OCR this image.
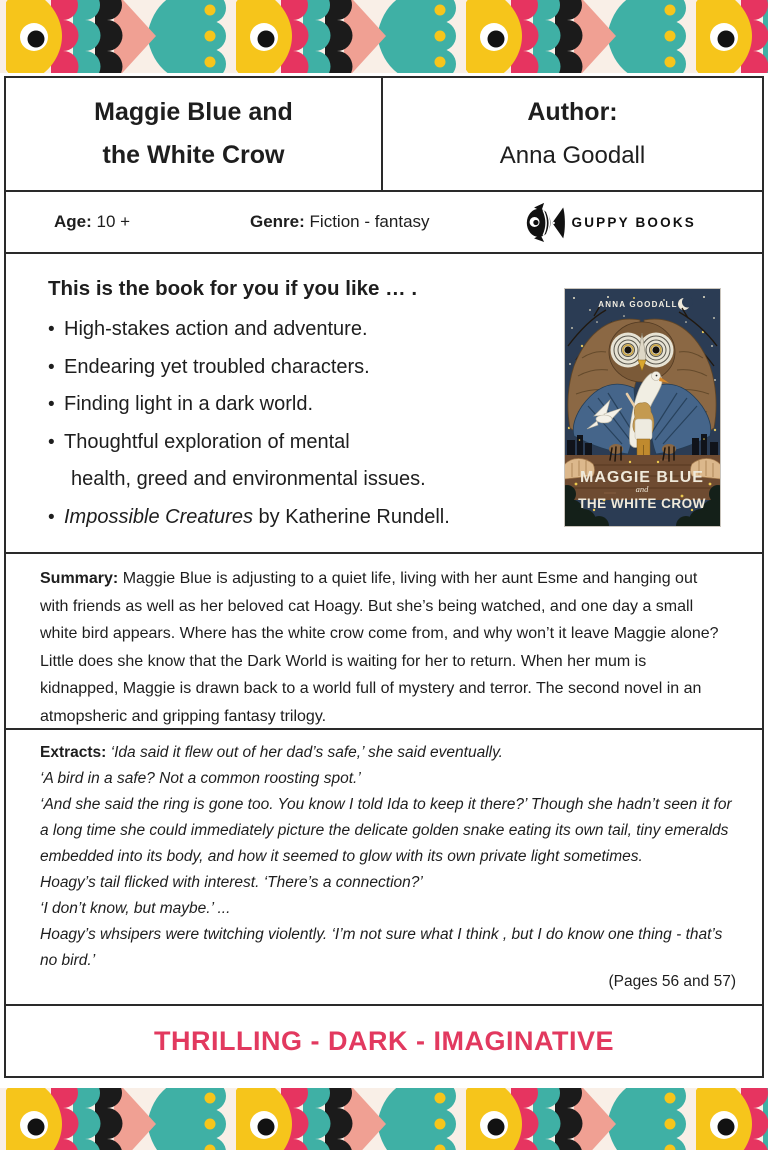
Maggie Blue and
the White Crow
Author:
Anna Goodall
Age: 10 +	Genre: Fiction - fantasy	GUPPY BOOKS
This is the book for you if you like … .
• High-stakes action and adventure.
• Endearing yet troubled characters.
• Finding light in a dark world.
• Thoughtful exploration of mental
health, greed and environmental issues.
• Impossible Creatures by Katherine Rundell.
ANNA GOODALL
MAGGIE BLUE
and
THE WHITE CROW

Summary: Maggie Blue is adjusting to a quiet life, living with her aunt Esme and hanging out with friends as well as her beloved cat Hoagy. But she’s being watched, and one day a small white bird appears. Where has the white crow come from, and why won’t it leave Maggie alone? Little does she know that the Dark World is waiting for her to return. When her mum is kidnapped, Maggie is drawn back to a world full of mystery and terror. The second novel in an atmopsheric and gripping fantasy trilogy.

Extracts: ‘Ida said it flew out of her dad’s safe,’ she said eventually.

‘A bird in a safe? Not a common roosting spot.’

‘And she said the ring is gone too. You know I told Ida to keep it there?’ Though she hadn’t seen it for a long time she could immediately picture the delicate golden snake eating its own tail, tiny emeralds embedded into its body, and how it seemed to glow with its own private light sometimes.

Hoagy’s tail flicked with interest. ‘There’s a connection?’

‘I don’t know, but maybe.’ ...

Hoagy’s whsipers were twitching violently. ‘I’m not sure what I think , but I do know one thing - that’s no bird.’

(Pages 56 and 57)
THRILLING - DARK - IMAGINATIVE
